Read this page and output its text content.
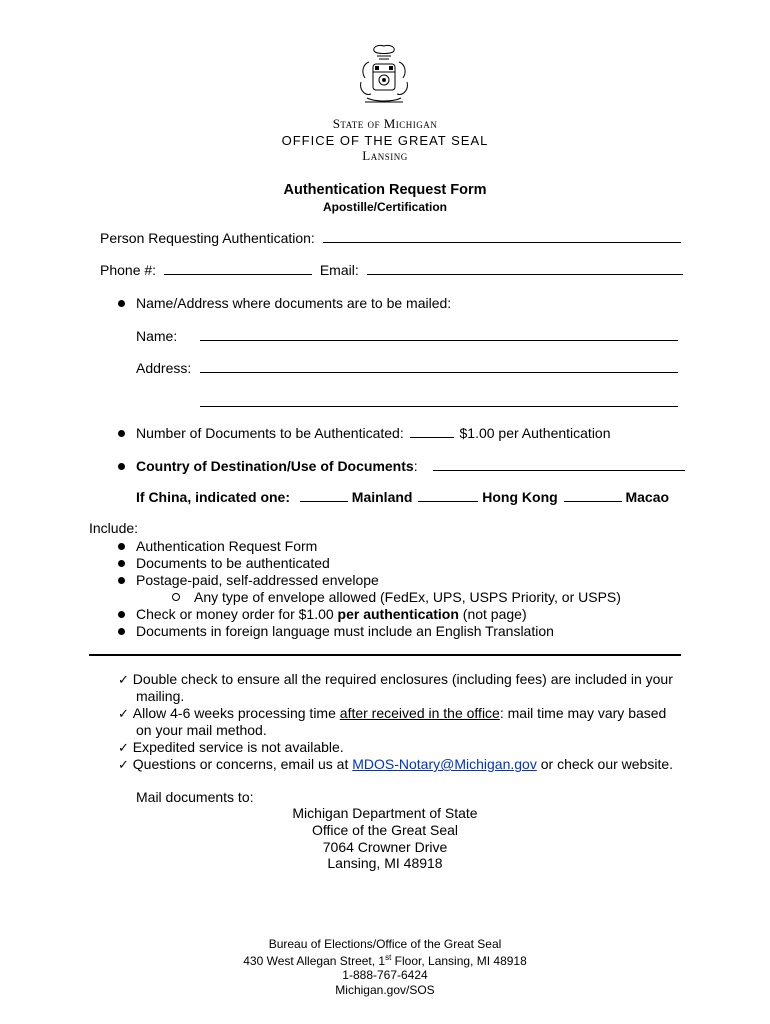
State of Michigan
OFFICE OF THE GREAT SEAL
Lansing
Authentication Request Form
Apostille/Certification
Person Requesting Authentication:
Phone #:	Email:
Name/Address where documents are to be mailed:
Name:
Address:
Number of Documents to be Authenticated:	$1.00 per Authentication
Country of Destination/Use of Documents:
If China, indicated one:	Mainland	Hong Kong	Macao
Include:
Authentication Request Form
Documents to be authenticated
Postage-paid, self-addressed envelope
Any type of envelope allowed (FedEx, UPS, USPS Priority, or USPS)
Check or money order for $1.00 per authentication (not page)
Documents in foreign language must include an English Translation
✓ Double check to ensure all the required enclosures (including fees) are included in your
mailing.
✓ Allow 4-6 weeks processing time after received in the office: mail time may vary based
on your mail method.
✓ Expedited service is not available.
✓ Questions or concerns, email us at MDOS-Notary@Michigan.gov or check our website.
Mail documents to:
Michigan Department of State
Office of the Great Seal
7064 Crowner Drive
Lansing, MI 48918
Bureau of Elections/Office of the Great Seal
430 West Allegan Street, 1st Floor, Lansing, MI 48918
1-888-767-6424
Michigan.gov/SOS
